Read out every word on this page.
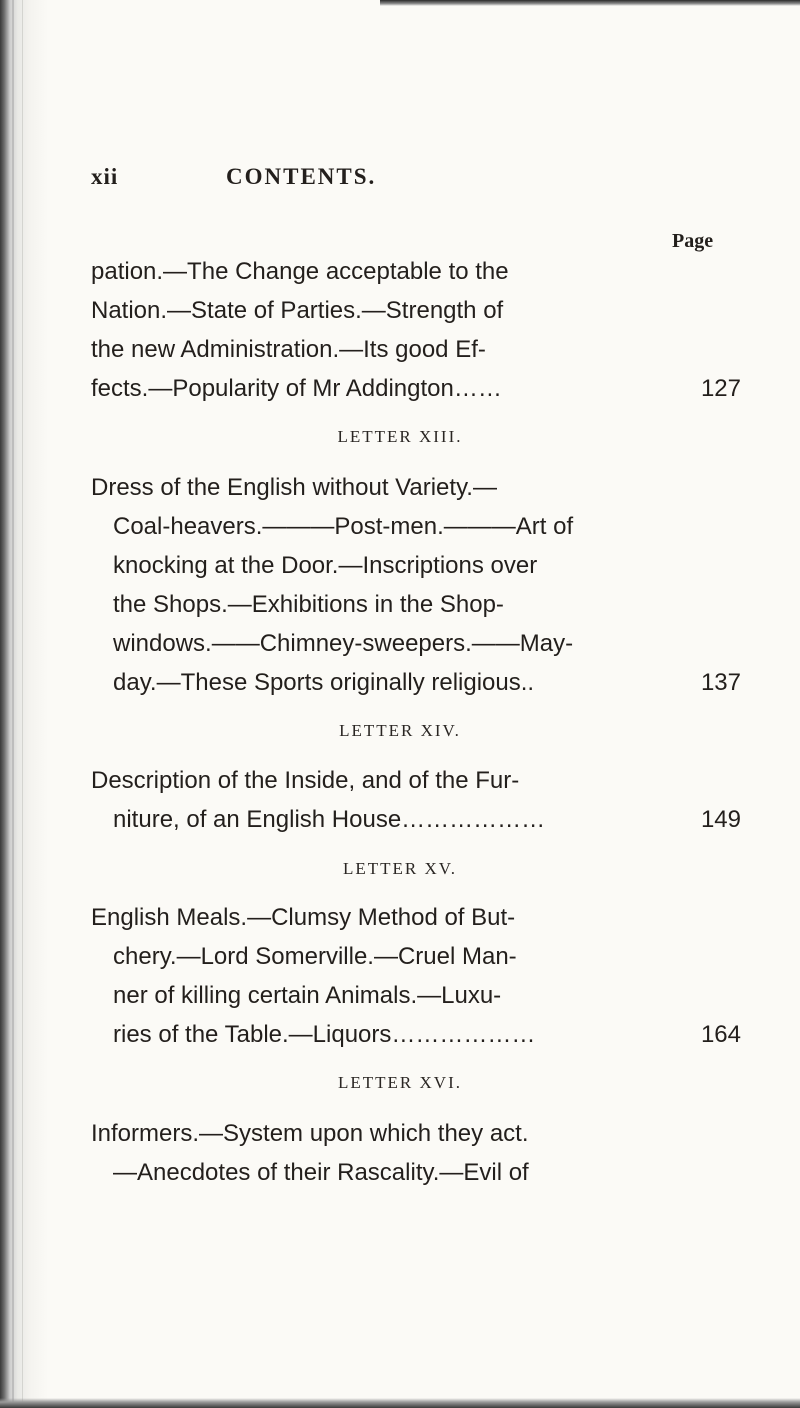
xii	CONTENTS.
Page
pation.—The Change acceptable to the
Nation.—State of Parties.—Strength of
the new Administration.—Its good Ef-
fects.—Popularity of Mr Addington……	127
LETTER XIII.
Dress of the English without Variety.—
Coal-heavers.———Post-men.———Art of
knocking at the Door.—Inscriptions over
the Shops.—Exhibitions in the Shop-
windows.——Chimney-sweepers.——May-
day.—These Sports originally religious..	137
LETTER XIV.
Description of the Inside, and of the Fur-
niture, of an English House………………	149
LETTER XV.
English Meals.—Clumsy Method of But-
chery.—Lord Somerville.—Cruel Man-
ner of killing certain Animals.—Luxu-
ries of the Table.—Liquors………………	164
LETTER XVI.
Informers.—System upon which they act.
—Anecdotes of their Rascality.—Evil of
